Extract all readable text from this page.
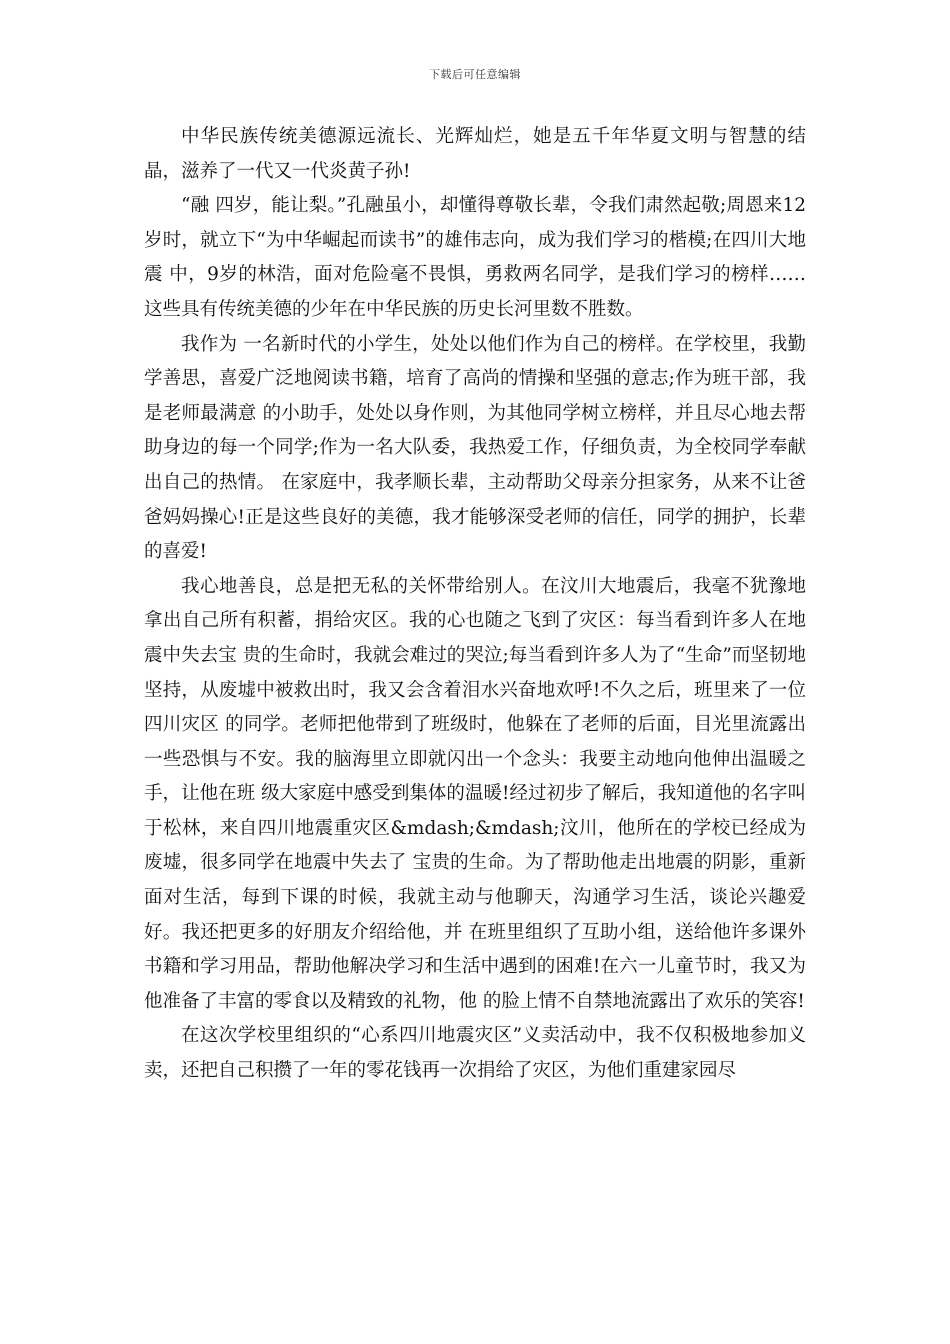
下载后可任意编辑

中华民族传统美德源远流长、光辉灿烂，她是五千年华夏文明与智慧的结晶，滋养了一代又一代炎黄子孙!

“融 四岁，能让梨。”孔融虽小，却懂得尊敬长辈，令我们肃然起敬;周恩来12岁时，就立下“为中华崛起而读书”的雄伟志向，成为我们学习的楷模;在四川大地震 中，9岁的林浩，面对危险毫不畏惧，勇救两名同学，是我们学习的榜样……这些具有传统美德的少年在中华民族的历史长河里数不胜数。

我作为 一名新时代的小学生，处处以他们作为自己的榜样。在学校里，我勤学善思，喜爱广泛地阅读书籍，培育了高尚的情操和坚强的意志;作为班干部，我是老师最满意 的小助手，处处以身作则，为其他同学树立榜样，并且尽心地去帮助身边的每一个同学;作为一名大队委，我热爱工作，仔细负责，为全校同学奉献出自己的热情。 在家庭中，我孝顺长辈，主动帮助父母亲分担家务，从来不让爸爸妈妈操心!正是这些良好的美德，我才能够深受老师的信任，同学的拥护，长辈的喜爱!

我心地善良，总是把无私的关怀带给别人。在汶川大地震后，我毫不犹豫地拿出自己所有积蓄，捐给灾区。我的心也随之飞到了灾区：每当看到许多人在地震中失去宝 贵的生命时，我就会难过的哭泣;每当看到许多人为了“生命”而坚韧地坚持，从废墟中被救出时，我又会含着泪水兴奋地欢呼!不久之后，班里来了一位四川灾区 的同学。老师把他带到了班级时，他躲在了老师的后面，目光里流露出一些恐惧与不安。我的脑海里立即就闪出一个念头：我要主动地向他伸出温暖之手，让他在班 级大家庭中感受到集体的温暖!经过初步了解后，我知道他的名字叫于松林，来自四川地震重灾区&mdash;&mdash;汶川，他所在的学校已经成为废墟，很多同学在地震中失去了 宝贵的生命。为了帮助他走出地震的阴影，重新面对生活，每到下课的时候，我就主动与他聊天，沟通学习生活，谈论兴趣爱好。我还把更多的好朋友介绍给他，并 在班里组织了互助小组，送给他许多课外书籍和学习用品，帮助他解决学习和生活中遇到的困难!在六一儿童节时，我又为他准备了丰富的零食以及精致的礼物，他 的脸上情不自禁地流露出了欢乐的笑容!

在这次学校里组织的“心系四川地震灾区”义卖活动中，我不仅积极地参加义卖，还把自己积攒了一年的零花钱再一次捐给了灾区，为他们重建家园尽
